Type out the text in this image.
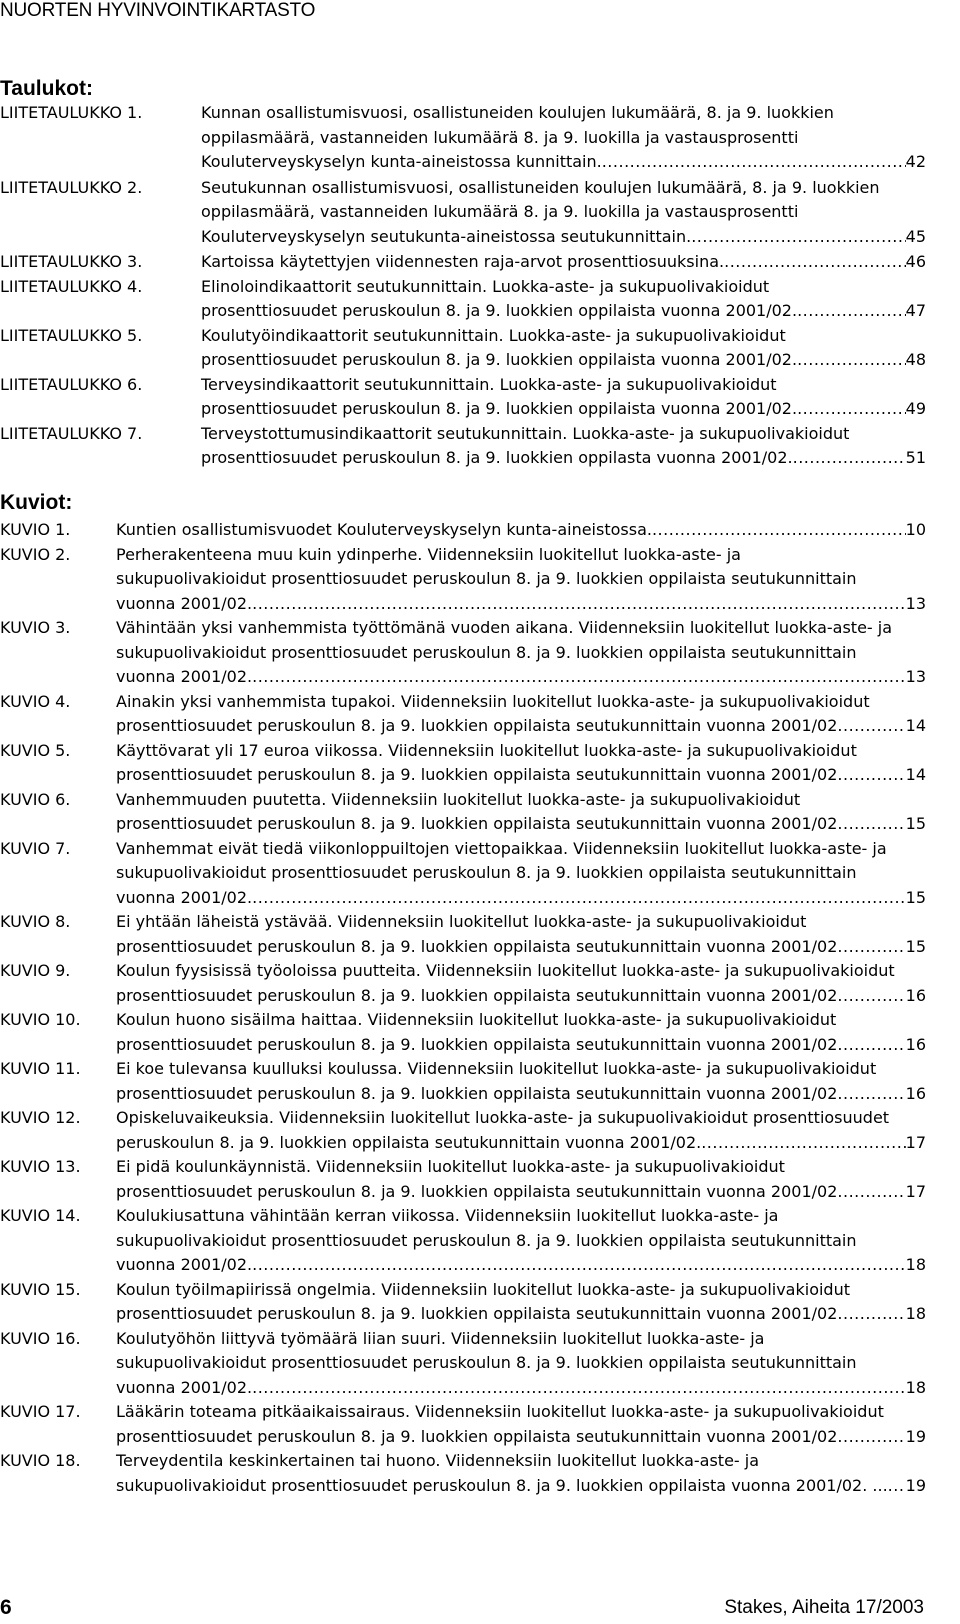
NUORTEN HYVINVOINTIKARTASTO
Taulukot:
LIITETAULUKKO 1.	Kunnan osallistumisvuosi, osallistuneiden koulujen lukumäärä, 8. ja 9. luokkien
oppilasmäärä, vastanneiden lukumäärä 8. ja 9. luokilla ja vastausprosentti
Kouluterveyskyselyn kunta-aineistossa kunnittain. .....	42
LIITETAULUKKO 2.	Seutukunnan osallistumisvuosi, osallistuneiden koulujen lukumäärä, 8. ja 9. luokkien
oppilasmäärä, vastanneiden lukumäärä 8. ja 9. luokilla ja vastausprosentti
Kouluterveyskyselyn seutukunta-aineistossa seutukunnittain. .....	45
LIITETAULUKKO 3.	Kartoissa käytettyjen viidennesten raja-arvot prosenttiosuuksina. .....	46
LIITETAULUKKO 4.	Elinoloindikaattorit seutukunnittain. Luokka-aste- ja sukupuolivakioidut
prosenttiosuudet peruskoulun 8. ja 9. luokkien oppilaista vuonna 2001/02. .....	47
LIITETAULUKKO 5.	Koulutyöindikaattorit seutukunnittain. Luokka-aste- ja sukupuolivakioidut
prosenttiosuudet peruskoulun 8. ja 9. luokkien oppilaista vuonna 2001/02. .....	48
LIITETAULUKKO 6.	Terveysindikaattorit seutukunnittain. Luokka-aste- ja sukupuolivakioidut
prosenttiosuudet peruskoulun 8. ja 9. luokkien oppilaista vuonna 2001/02. .....	49
LIITETAULUKKO 7.	Terveystottumusindikaattorit seutukunnittain. Luokka-aste- ja sukupuolivakioidut
prosenttiosuudet peruskoulun 8. ja 9. luokkien oppilasta vuonna 2001/02. .....	51
Kuviot:
KUVIO 1.	Kuntien osallistumisvuodet Kouluterveyskyselyn kunta-aineistossa. .....	10
KUVIO 2.	Perherakenteena muu kuin ydinperhe. Viidenneksiin luokitellut luokka-aste- ja
sukupuolivakioidut prosenttiosuudet peruskoulun 8. ja 9. luokkien oppilaista seutukunnittain
vuonna 2001/02. .....	13
KUVIO 3.	Vähintään yksi vanhemmista työttömänä vuoden aikana. Viidenneksiin luokitellut luokka-aste- ja
sukupuolivakioidut prosenttiosuudet peruskoulun 8. ja 9. luokkien oppilaista seutukunnittain
vuonna 2001/02. .....	13
KUVIO 4.	Ainakin yksi vanhemmista tupakoi. Viidenneksiin luokitellut luokka-aste- ja sukupuolivakioidut
prosenttiosuudet peruskoulun 8. ja 9. luokkien oppilaista seutukunnittain vuonna 2001/02 .....	14
KUVIO 5.	Käyttövarat yli 17 euroa viikossa. Viidenneksiin luokitellut luokka-aste- ja sukupuolivakioidut
prosenttiosuudet peruskoulun 8. ja 9. luokkien oppilaista seutukunnittain vuonna 2001/02 .....	14
KUVIO 6.	Vanhemmuuden puutetta. Viidenneksiin luokitellut luokka-aste- ja sukupuolivakioidut
prosenttiosuudet peruskoulun 8. ja 9. luokkien oppilaista seutukunnittain vuonna 2001/02 .....	15
KUVIO 7.	Vanhemmat eivät tiedä viikonloppuiltojen viettopaikkaa. Viidenneksiin luokitellut luokka-aste- ja
sukupuolivakioidut prosenttiosuudet peruskoulun 8. ja 9. luokkien oppilaista seutukunnittain
vuonna 2001/02. .....	15
KUVIO 8.	Ei yhtään läheistä ystävää. Viidenneksiin luokitellut luokka-aste- ja sukupuolivakioidut
prosenttiosuudet peruskoulun 8. ja 9. luokkien oppilaista seutukunnittain vuonna 2001/02 .....	15
KUVIO 9.	Koulun fyysisissä työoloissa puutteita. Viidenneksiin luokitellut luokka-aste- ja sukupuolivakioidut
prosenttiosuudet peruskoulun 8. ja 9. luokkien oppilaista seutukunnittain vuonna 2001/02 .....	16
KUVIO 10. Koulun huono sisäilma haittaa. Viidenneksiin luokitellut luokka-aste- ja sukupuolivakioidut
prosenttiosuudet peruskoulun 8. ja 9. luokkien oppilaista seutukunnittain vuonna 2001/02 .....	16
KUVIO 11. Ei koe tulevansa kuulluksi koulussa. Viidenneksiin luokitellut luokka-aste- ja sukupuolivakioidut
prosenttiosuudet peruskoulun 8. ja 9. luokkien oppilaista seutukunnittain vuonna 2001/02 .....	16
KUVIO 12. Opiskeluvaikeuksia. Viidenneksiin luokitellut luokka-aste- ja sukupuolivakioidut prosenttiosuudet
peruskoulun 8. ja 9. luokkien oppilaista seutukunnittain vuonna 2001/02. .....	17
KUVIO 13. Ei pidä koulunkäynnistä. Viidenneksiin luokitellut luokka-aste- ja sukupuolivakioidut
prosenttiosuudet peruskoulun 8. ja 9. luokkien oppilaista seutukunnittain vuonna 2001/02 .....	17
KUVIO 14. Koulukiusattuna vähintään kerran viikossa. Viidenneksiin luokitellut luokka-aste- ja
sukupuolivakioidut prosenttiosuudet peruskoulun 8. ja 9. luokkien oppilaista seutukunnittain
vuonna 2001/02. .....	18
KUVIO 15. Koulun työilmapiirissä ongelmia. Viidenneksiin luokitellut luokka-aste- ja sukupuolivakioidut
prosenttiosuudet peruskoulun 8. ja 9. luokkien oppilaista seutukunnittain vuonna 2001/02 .....	18
KUVIO 16. Koulutyöhön liittyvä työmäärä liian suuri. Viidenneksiin luokitellut luokka-aste- ja
sukupuolivakioidut prosenttiosuudet peruskoulun 8. ja 9. luokkien oppilaista seutukunnittain
vuonna 2001/02. .....	18
KUVIO 17. Lääkärin toteama pitkäaikaissairaus. Viidenneksiin luokitellut luokka-aste- ja sukupuolivakioidut
prosenttiosuudet peruskoulun 8. ja 9. luokkien oppilaista seutukunnittain vuonna 2001/02 .....	19
KUVIO 18. Terveydentila keskinkertainen tai huono. Viidenneksiin luokitellut luokka-aste- ja
sukupuolivakioidut prosenttiosuudet peruskoulun 8. ja 9. luokkien oppilaista vuonna 2001/02. ... ..... 19
6	Stakes, Aiheita 17/2003
